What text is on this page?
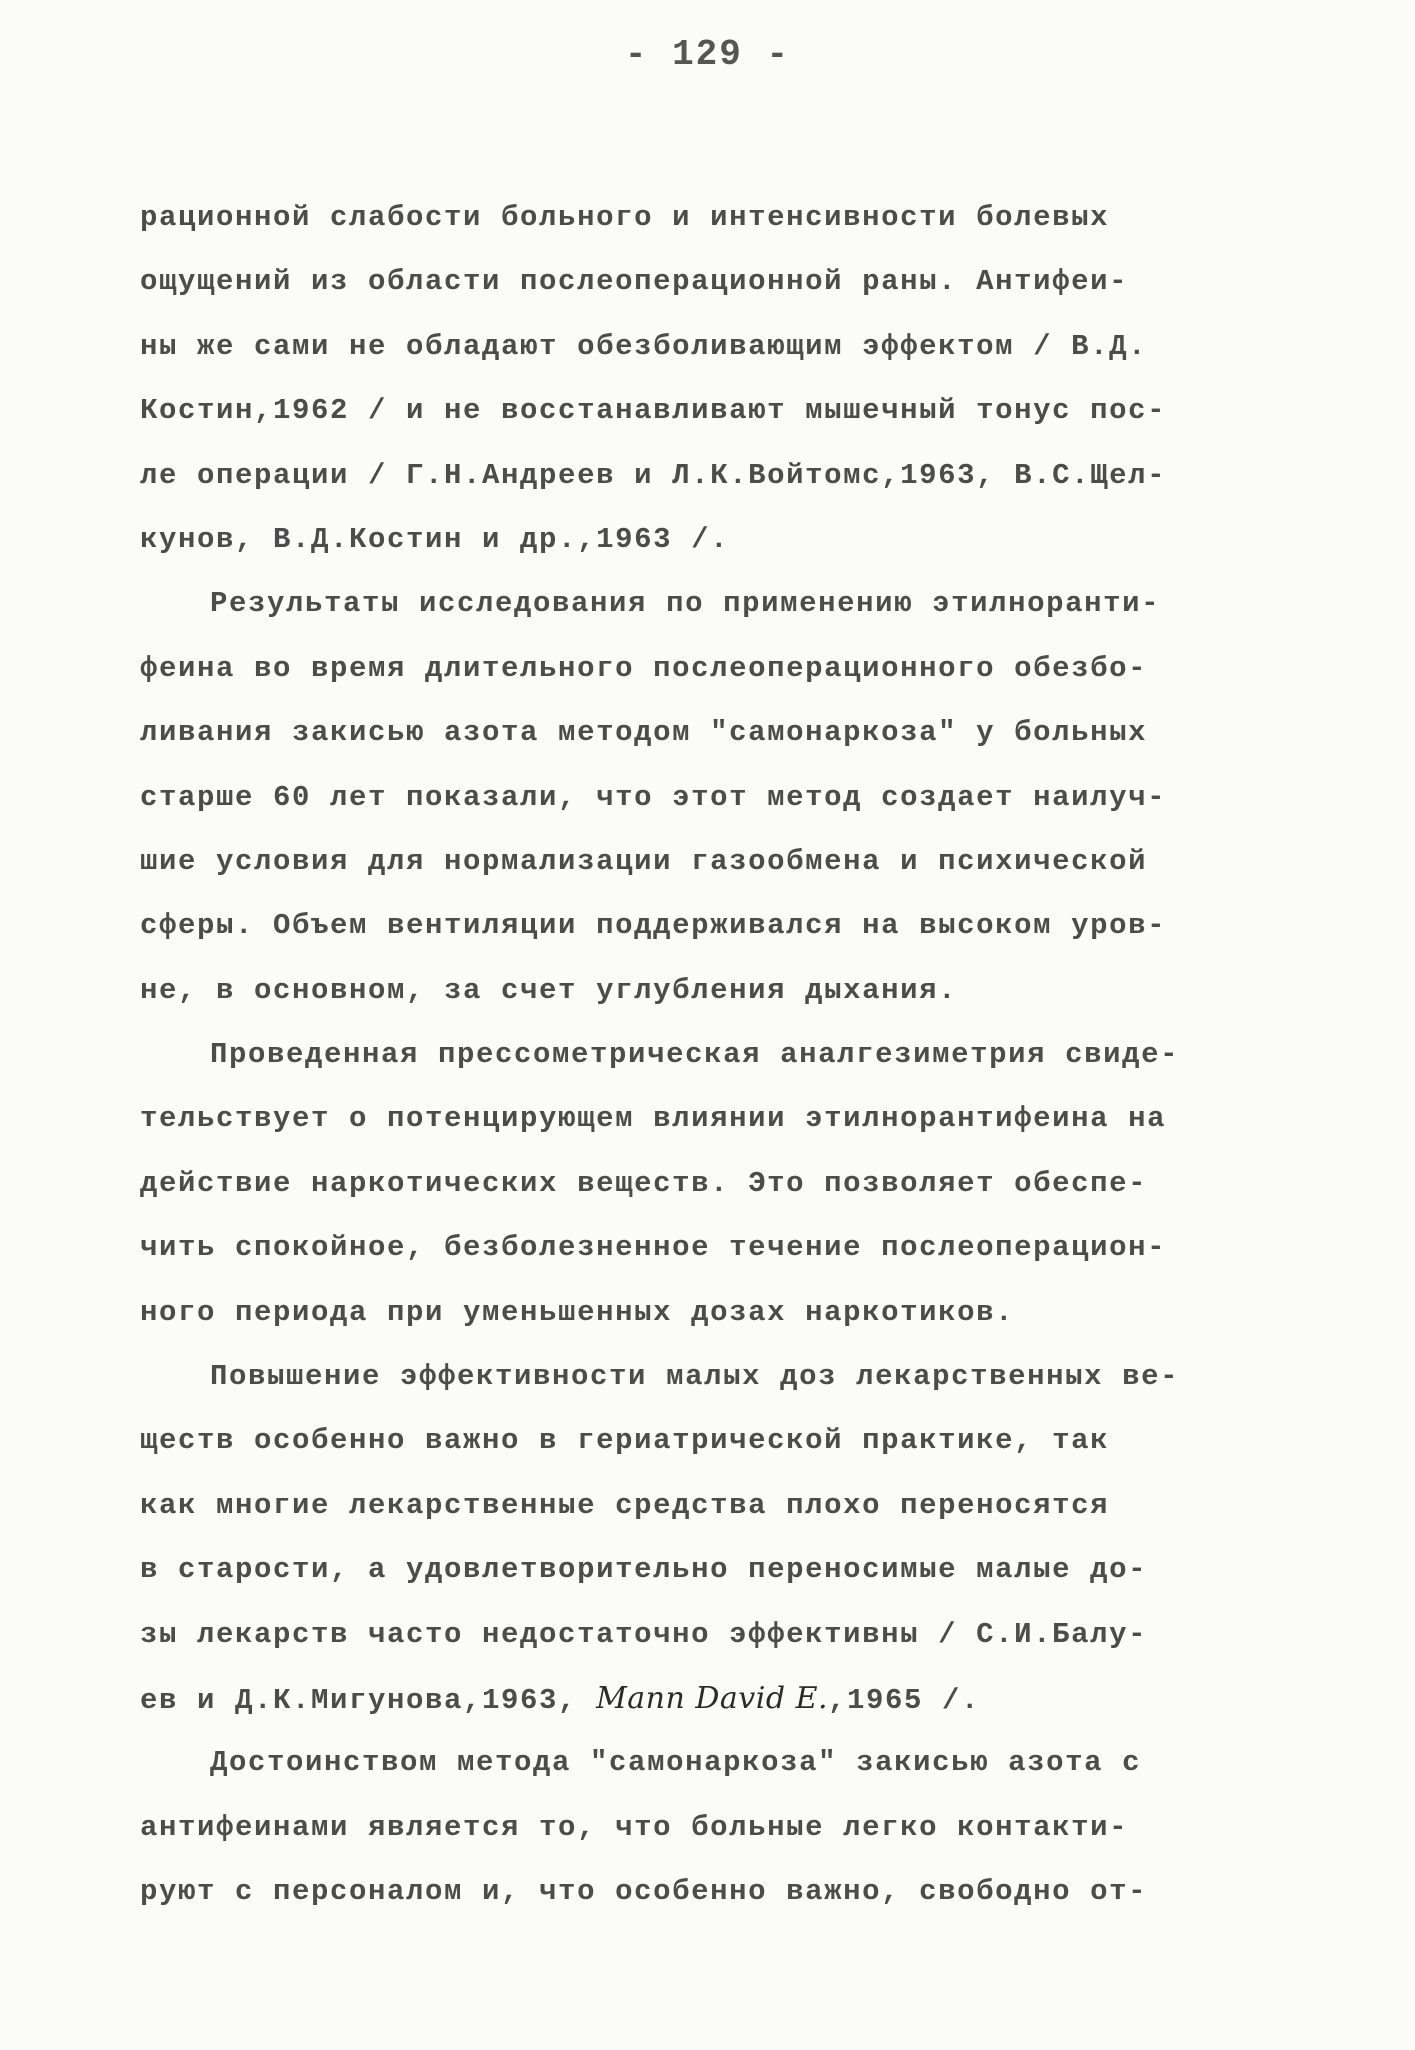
- 129 -
рационной слабости больного и интенсивности болевых
ощущений из области послеоперационной раны. Антифеи-
ны же сами не обладают обезболивающим эффектом / В.Д.
Костин,1962 / и не восстанавливают мышечный тонус пос-
ле операции / Г.Н.Андреев и Л.К.Войтомс,1963, В.С.Щел-
кунов, В.Д.Костин и др.,1963 /.
Результаты исследования по применению этилноранти-
феина во время длительного послеоперационного обезбо-
ливания закисью азота методом "самонаркоза" у больных
старше 60 лет показали, что этот метод создает наилуч-
шие условия для нормализации газообмена и психической
сферы. Объем вентиляции поддерживался на высоком уров-
не, в основном, за счет углубления дыхания.
Проведенная прессометрическая аналгезиметрия свиде-
тельствует о потенцирующем влиянии этилнорантифеина на
действие наркотических веществ. Это позволяет обеспе-
чить спокойное, безболезненное течение послеоперацион-
ного периода при уменьшенных дозах наркотиков.
Повышение эффективности малых доз лекарственных ве-
ществ особенно важно в гериатрической практике, так
как многие лекарственные средства плохо переносятся
в старости, а удовлетворительно переносимые малые до-
зы лекарств часто недостаточно эффективны / С.И.Балу-
ев и Д.К.Мигунова,1963, Mann David E.,1965 /.
Достоинством метода "самонаркоза" закисью азота с
антифеинами является то, что больные легко контакти-
руют с персоналом и, что особенно важно, свободно от-
